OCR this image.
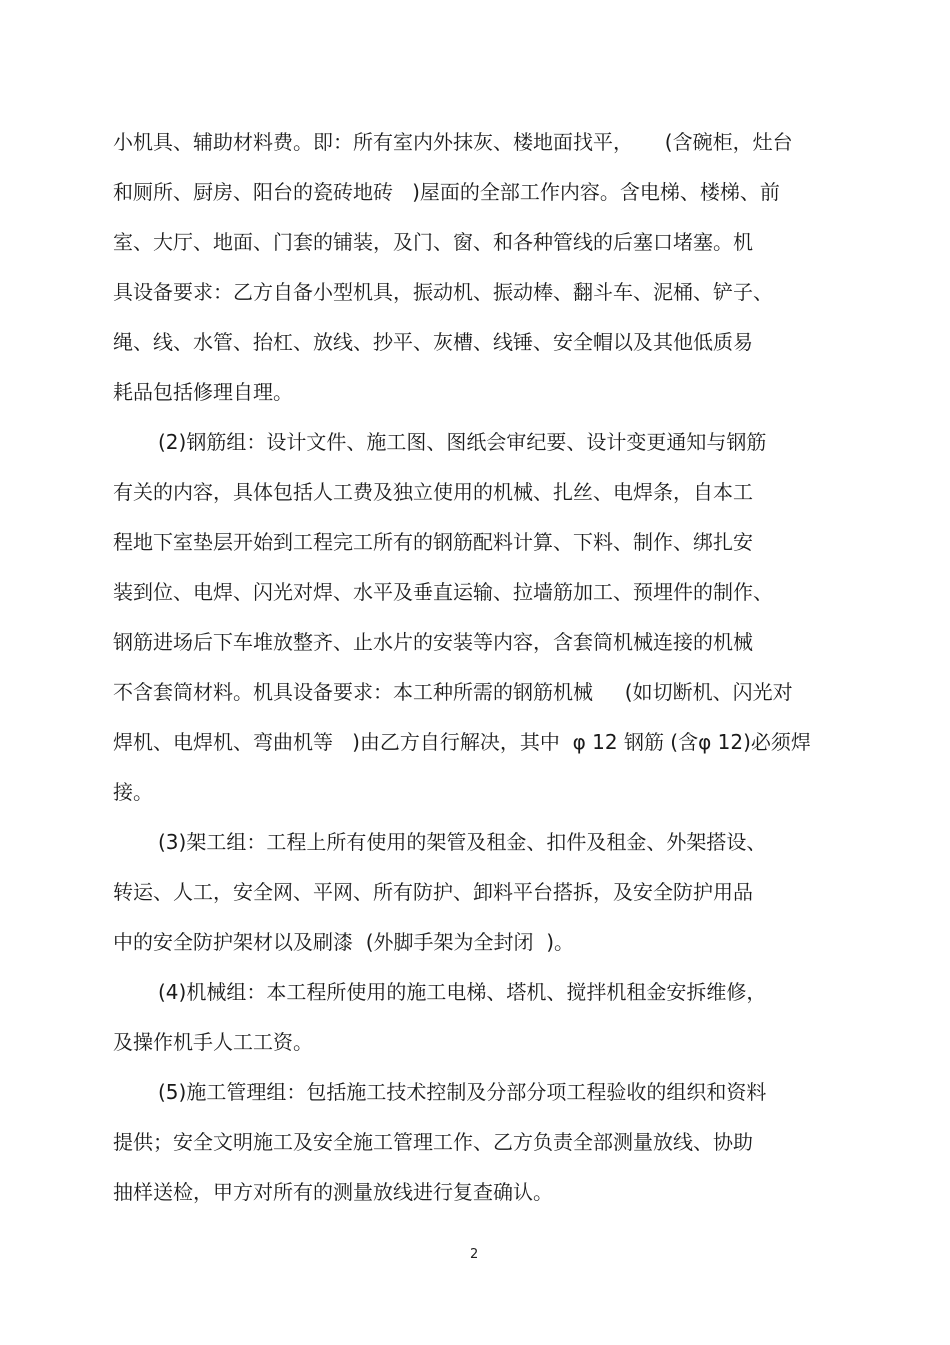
小机具、辅助材料费。即：所有室内外抹灰、楼地面找平，     (含碗柜，灶台
和厕所、厨房、阳台的瓷砖地砖   )屋面的全部工作内容。含电梯、楼梯、前
室、大厅、地面、门套的铺装，及门、窗、和各种管线的后塞口堵塞。机
具设备要求：乙方自备小型机具，振动机、振动棒、翻斗车、泥桶、铲子、
绳、线、水管、抬杠、放线、抄平、灰槽、线锤、安全帽以及其他低质易
耗品包括修理自理。
(2)钢筋组：设计文件、施工图、图纸会审纪要、设计变更通知与钢筋
有关的内容，具体包括人工费及独立使用的机械、扎丝、电焊条，自本工
程地下室垫层开始到工程完工所有的钢筋配料计算、下料、制作、绑扎安
装到位、电焊、闪光对焊、水平及垂直运输、拉墙筋加工、预埋件的制作、
钢筋进场后下车堆放整齐、止水片的安装等内容，含套筒机械连接的机械
不含套筒材料。机具设备要求：本工种所需的钢筋机械     (如切断机、闪光对
焊机、电焊机、弯曲机等   )由乙方自行解决，其中  φ 12 钢筋 (含φ 12)必须焊
接。
(3)架工组：工程上所有使用的架管及租金、扣件及租金、外架搭设、
转运、人工，安全网、平网、所有防护、卸料平台搭拆，及安全防护用品
中的安全防护架材以及刷漆  (外脚手架为全封闭  )。
(4)机械组：本工程所使用的施工电梯、塔机、搅拌机租金安拆维修，
及操作机手人工工资。
(5)施工管理组：包括施工技术控制及分部分项工程验收的组织和资料
提供；安全文明施工及安全施工管理工作、乙方负责全部测量放线、协助
抽样送检，甲方对所有的测量放线进行复查确认。
2
